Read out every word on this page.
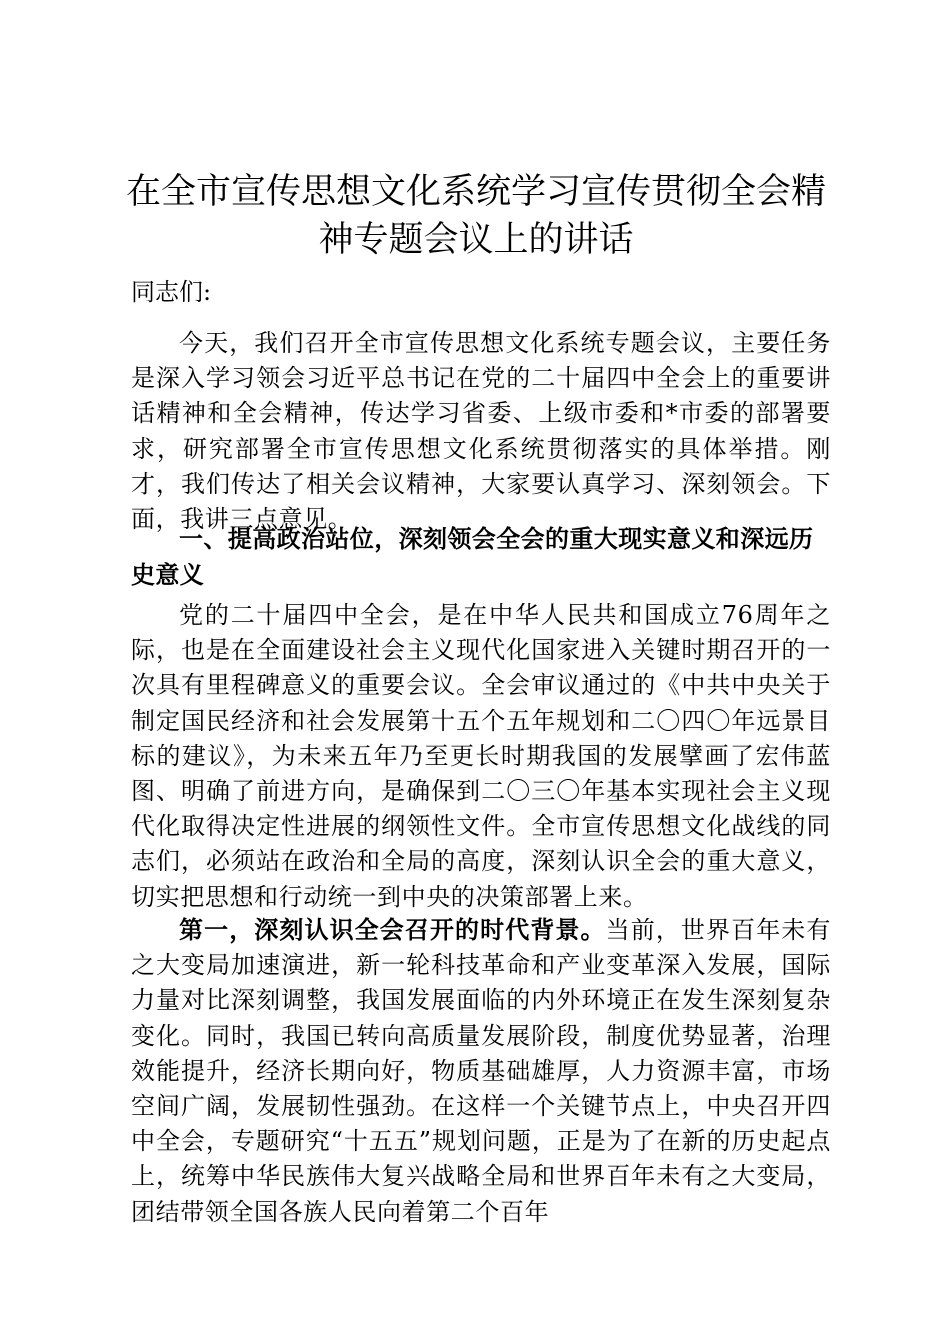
在全市宣传思想文化系统学习宣传贯彻全会精神专题会议上的讲话
同志们:
今天，我们召开全市宣传思想文化系统专题会议，主要任务是深入学习领会习近平总书记在党的二十届四中全会上的重要讲话精神和全会精神，传达学习省委、上级市委和*市委的部署要求，研究部署全市宣传思想文化系统贯彻落实的具体举措。刚才，我们传达了相关会议精神，大家要认真学习、深刻领会。下面，我讲三点意见。
一、提高政治站位，深刻领会全会的重大现实意义和深远历史意义
党的二十届四中全会，是在中华人民共和国成立76周年之际，也是在全面建设社会主义现代化国家进入关键时期召开的一次具有里程碑意义的重要会议。全会审议通过的《中共中央关于制定国民经济和社会发展第十五个五年规划和二〇四〇年远景目标的建议》，为未来五年乃至更长时期我国的发展擘画了宏伟蓝图、明确了前进方向，是确保到二〇三〇年基本实现社会主义现代化取得决定性进展的纲领性文件。全市宣传思想文化战线的同志们，必须站在政治和全局的高度，深刻认识全会的重大意义，切实把思想和行动统一到中央的决策部署上来。
第一，深刻认识全会召开的时代背景。当前，世界百年未有之大变局加速演进，新一轮科技革命和产业变革深入发展，国际力量对比深刻调整，我国发展面临的内外环境正在发生深刻复杂变化。同时，我国已转向高质量发展阶段，制度优势显著，治理效能提升，经济长期向好，物质基础雄厚，人力资源丰富，市场空间广阔，发展韧性强劲。在这样一个关键节点上，中央召开四中全会，专题研究“十五五”规划问题，正是为了在新的历史起点上，统筹中华民族伟大复兴战略全局和世界百年未有之大变局，团结带领全国各族人民向着第二个百年
